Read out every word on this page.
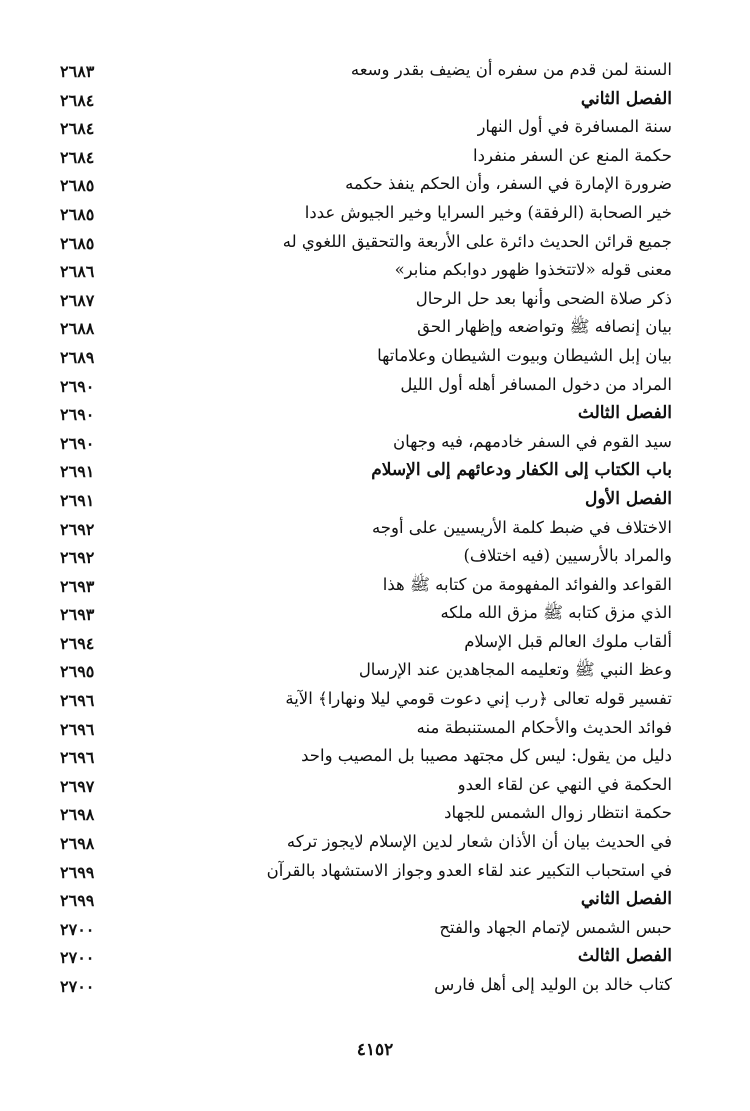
السنة لمن قدم من سفره أن يضيف بقدر وسعه
٢٦٨٣
الفصل الثاني
٢٦٨٤
سنة المسافرة في أول النهار
٢٦٨٤
حكمة المنع عن السفر منفردا
٢٦٨٤
ضرورة الإمارة في السفر، وأن الحكم ينفذ حكمه
٢٦٨٥
خير الصحابة (الرفقة) وخير السرايا وخير الجيوش عددا
٢٦٨٥
جميع قرائن الحديث دائرة على الأربعة والتحقيق اللغوي له
٢٦٨٥
معنى قوله «لاتتخذوا ظهور دوابكم منابر»
٢٦٨٦
ذكر صلاة الضحى وأنها بعد حل الرحال
٢٦٨٧
بيان إنصافه ﷺ وتواضعه وإظهار الحق
٢٦٨٨
بيان إبل الشيطان وبيوت الشيطان وعلاماتها
٢٦٨٩
المراد من دخول المسافر أهله أول الليل
٢٦٩٠
الفصل الثالث
٢٦٩٠
سيد القوم في السفر خادمهم، فيه وجهان
٢٦٩٠
باب الكتاب إلى الكفار ودعائهم إلى الإسلام
٢٦٩١
الفصل الأول
٢٦٩١
الاختلاف في ضبط كلمة الأريسيين على أوجه
٢٦٩٢
والمراد بالأرسيين (فيه اختلاف)
٢٦٩٢
القواعد والفوائد المفهومة من كتابه ﷺ هذا
٢٦٩٣
الذي مزق كتابه ﷺ مزق الله ملكه
٢٦٩٣
ألقاب ملوك العالم قبل الإسلام
٢٦٩٤
وعظ النبي ﷺ وتعليمه المجاهدين عند الإرسال
٢٦٩٥
تفسير قوله تعالى ﴿رب إني دعوت قومي ليلا ونهارا﴾ الآية
٢٦٩٦
فوائد الحديث والأحكام المستنبطة منه
٢٦٩٦
دليل من يقول: ليس كل مجتهد مصيبا بل المصيب واحد
٢٦٩٦
الحكمة في النهي عن لقاء العدو
٢٦٩٧
حكمة انتظار زوال الشمس للجهاد
٢٦٩٨
في الحديث بيان أن الأذان شعار لدين الإسلام لايجوز تركه
٢٦٩٨
في استحباب التكبير عند لقاء العدو وجواز الاستشهاد بالقرآن
٢٦٩٩
الفصل الثاني
٢٦٩٩
حبس الشمس لإتمام الجهاد والفتح
٢٧٠٠
الفصل الثالث
٢٧٠٠
كتاب خالد بن الوليد إلى أهل فارس
٢٧٠٠
٤١٥٢
